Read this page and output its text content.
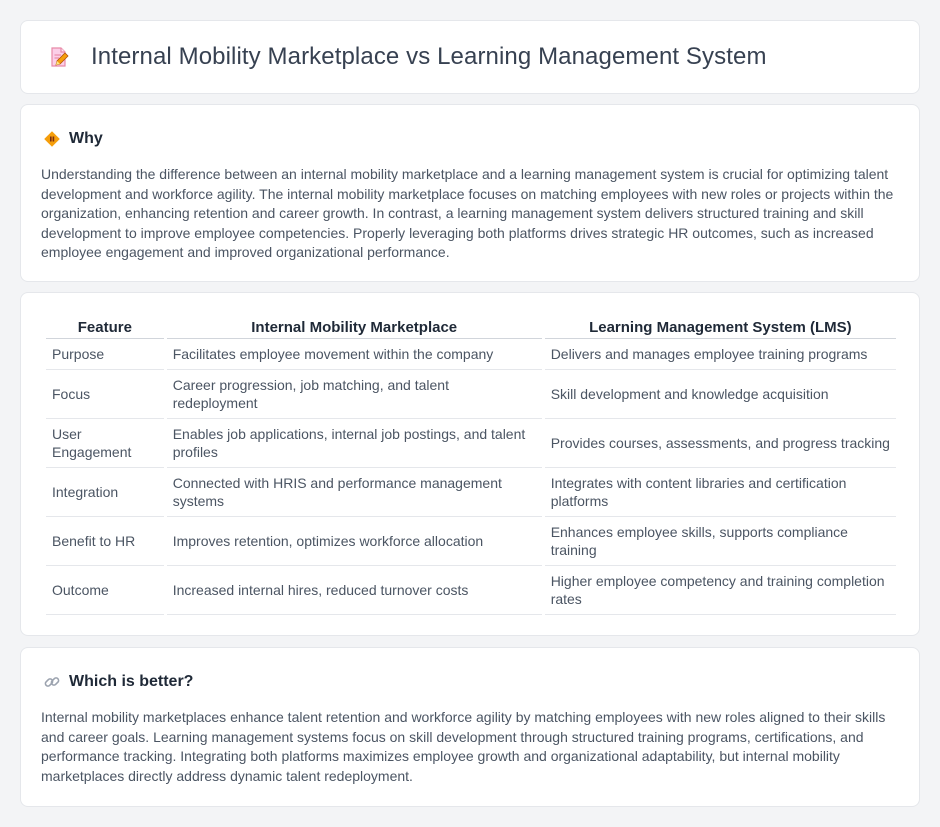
Internal Mobility Marketplace vs Learning Management System
Why

Understanding the difference between an internal mobility marketplace and a learning management system is crucial for optimizing talent development and workforce agility. The internal mobility marketplace focuses on matching employees with new roles or projects within the organization, enhancing retention and career growth. In contrast, a learning management system delivers structured training and skill development to improve employee competencies. Properly leveraging both platforms drives strategic HR outcomes, such as increased employee engagement and improved organizational performance.

Feature	Internal Mobility Marketplace	Learning Management System (LMS)
Purpose	Facilitates employee movement within the company	Delivers and manages employee training programs
Focus	Career progression, job matching, and talent redeployment	Skill development and knowledge acquisition
User Engagement	Enables job applications, internal job postings, and talent profiles	Provides courses, assessments, and progress tracking
Integration	Connected with HRIS and performance management systems	Integrates with content libraries and certification platforms
Benefit to HR	Improves retention, optimizes workforce allocation	Enhances employee skills, supports compliance training
Outcome	Increased internal hires, reduced turnover costs	Higher employee competency and training completion rates
Which is better?

Internal mobility marketplaces enhance talent retention and workforce agility by matching employees with new roles aligned to their skills and career goals. Learning management systems focus on skill development through structured training programs, certifications, and performance tracking. Integrating both platforms maximizes employee growth and organizational adaptability, but internal mobility marketplaces directly address dynamic talent redeployment.
